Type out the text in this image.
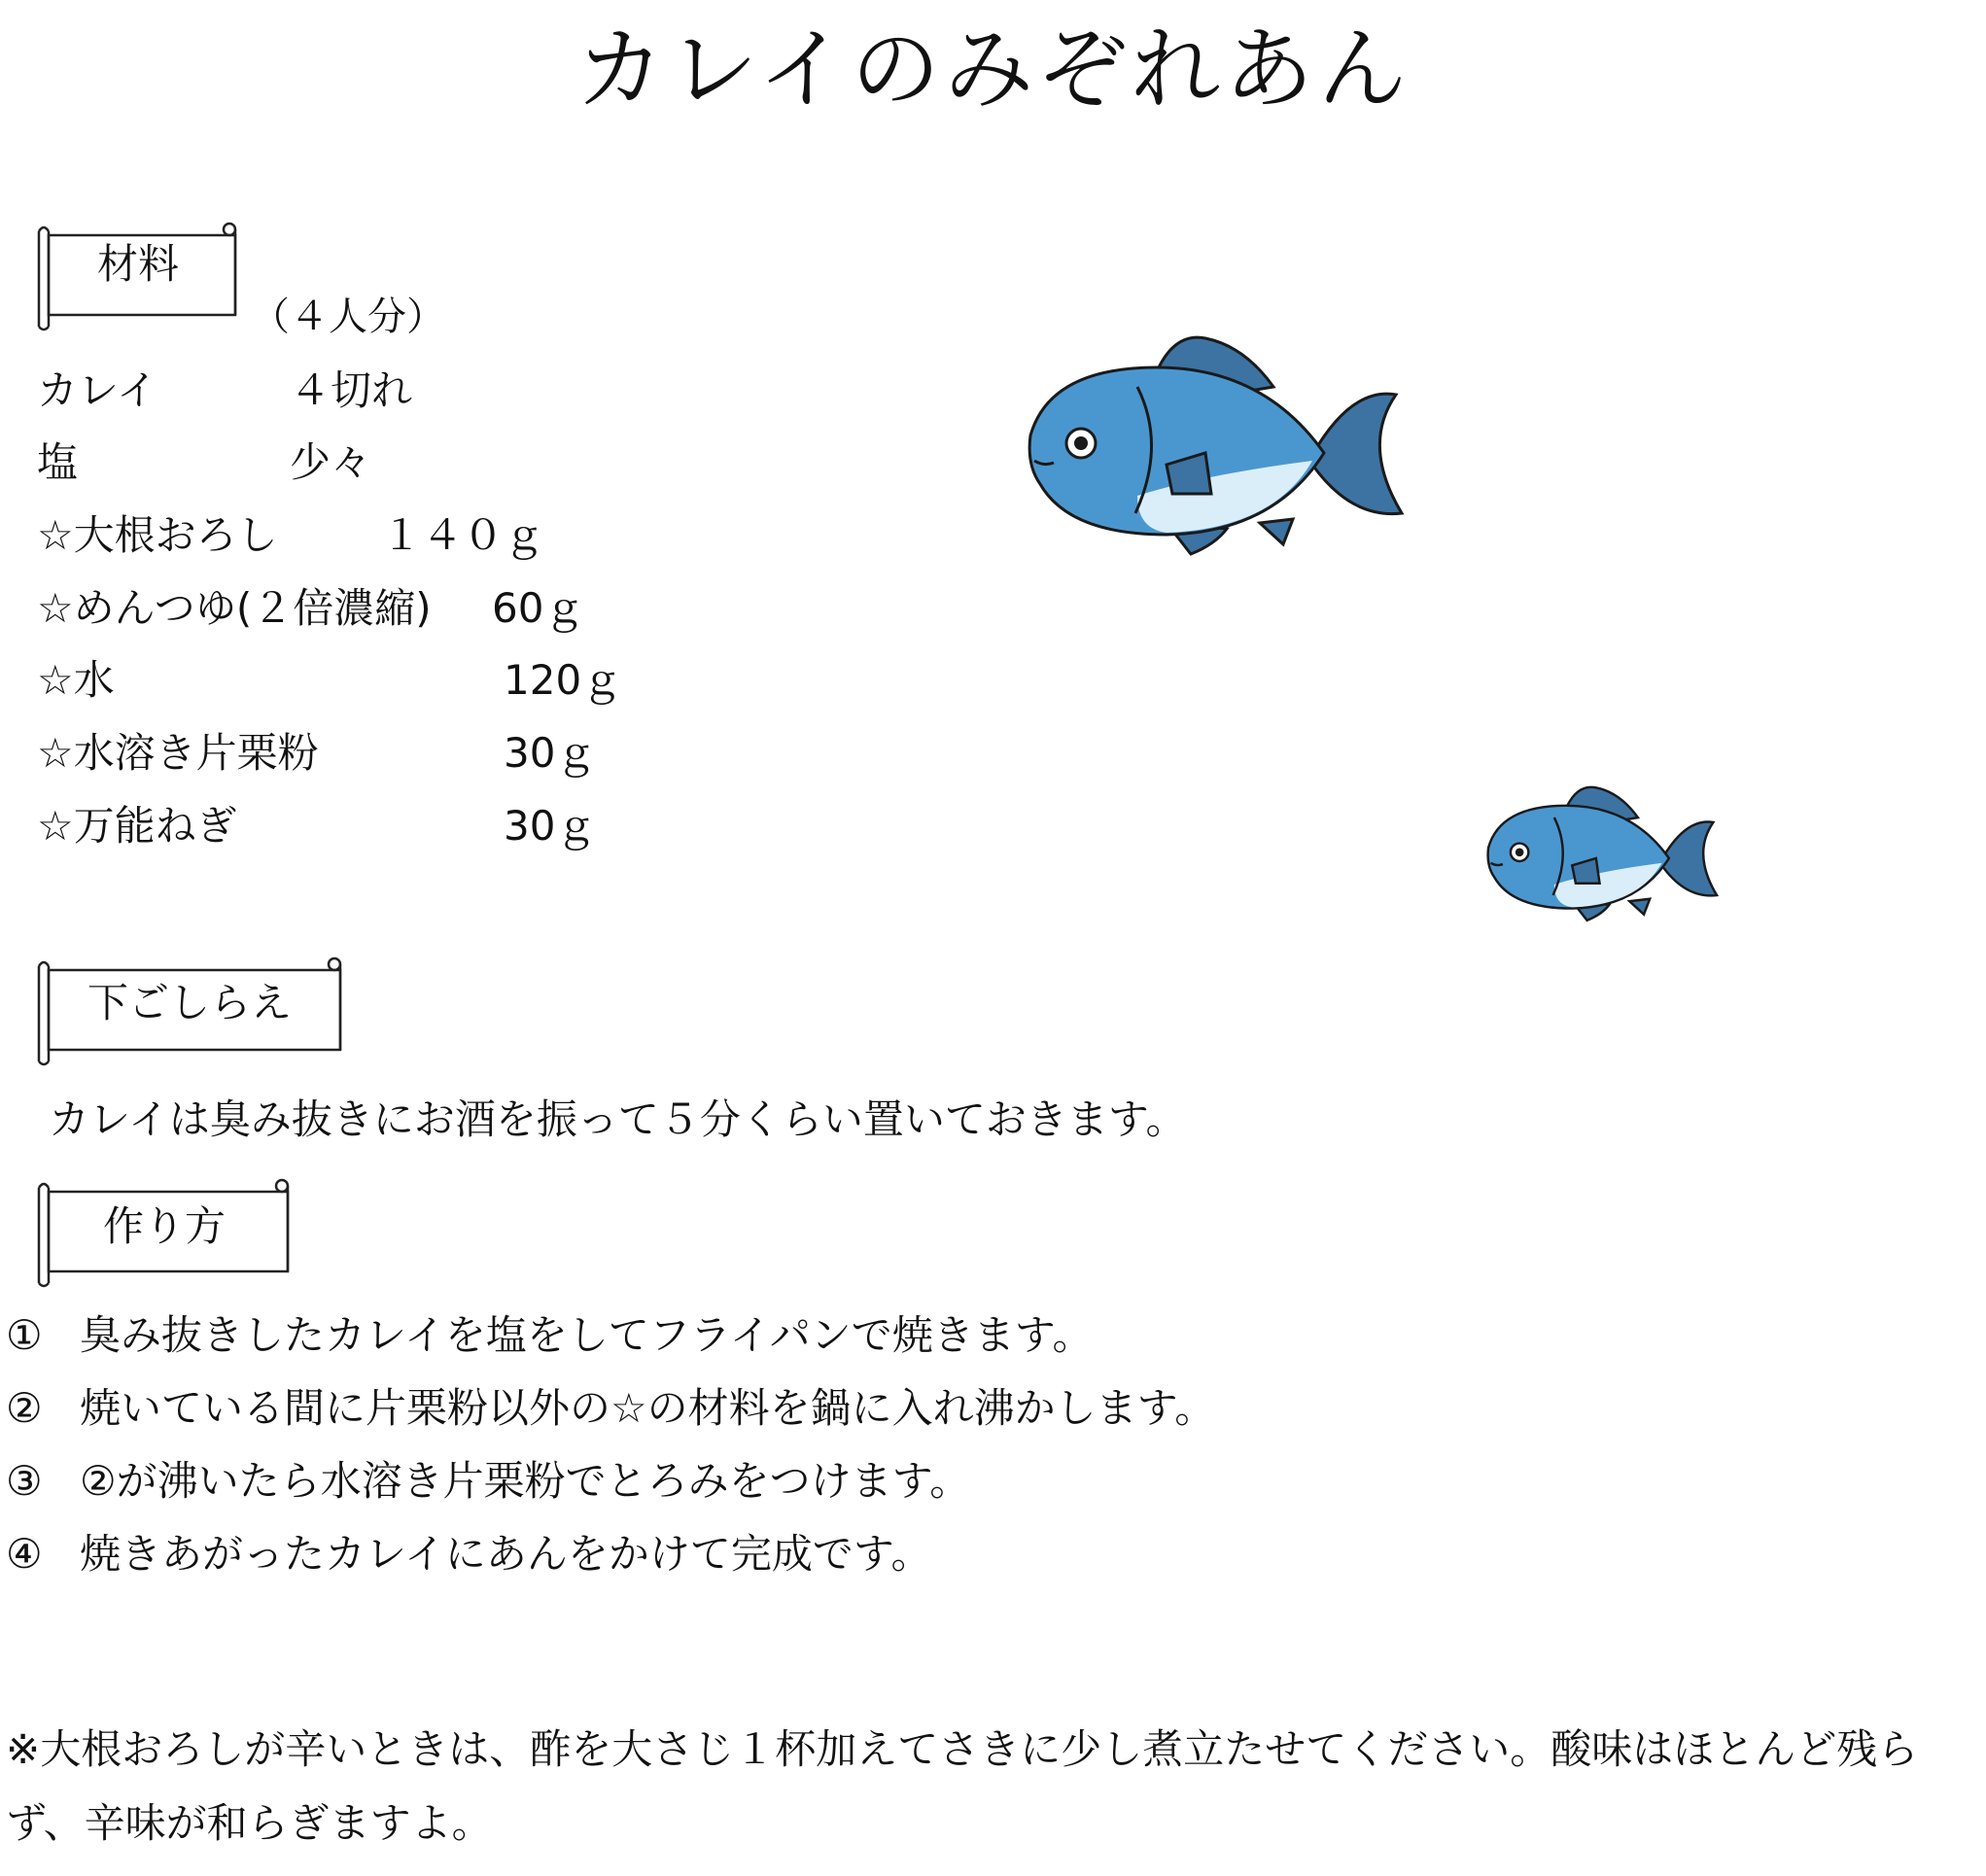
カレイのみぞれあん
材料
（４人分）
カレイ	４切れ
塩	少々
☆大根おろし	１４０ｇ
☆めんつゆ(２倍濃縮) 60ｇ
☆水	120ｇ
☆水溶き片栗粉	30ｇ
☆万能ねぎ	30ｇ
下ごしらえ
カレイは臭み抜きにお酒を振って５分くらい置いておきます。
作り方
① 臭み抜きしたカレイを塩をしてフライパンで焼きます。
② 焼いている間に片栗粉以外の☆の材料を鍋に入れ沸かします。
③ ②が沸いたら水溶き片栗粉でとろみをつけます。
④ 焼きあがったカレイにあんをかけて完成です。
※大根おろしが辛いときは、酢を大さじ１杯加えてさきに少し煮立たせてください。酸味はほとんど残らず、辛味が和らぎますよ。
